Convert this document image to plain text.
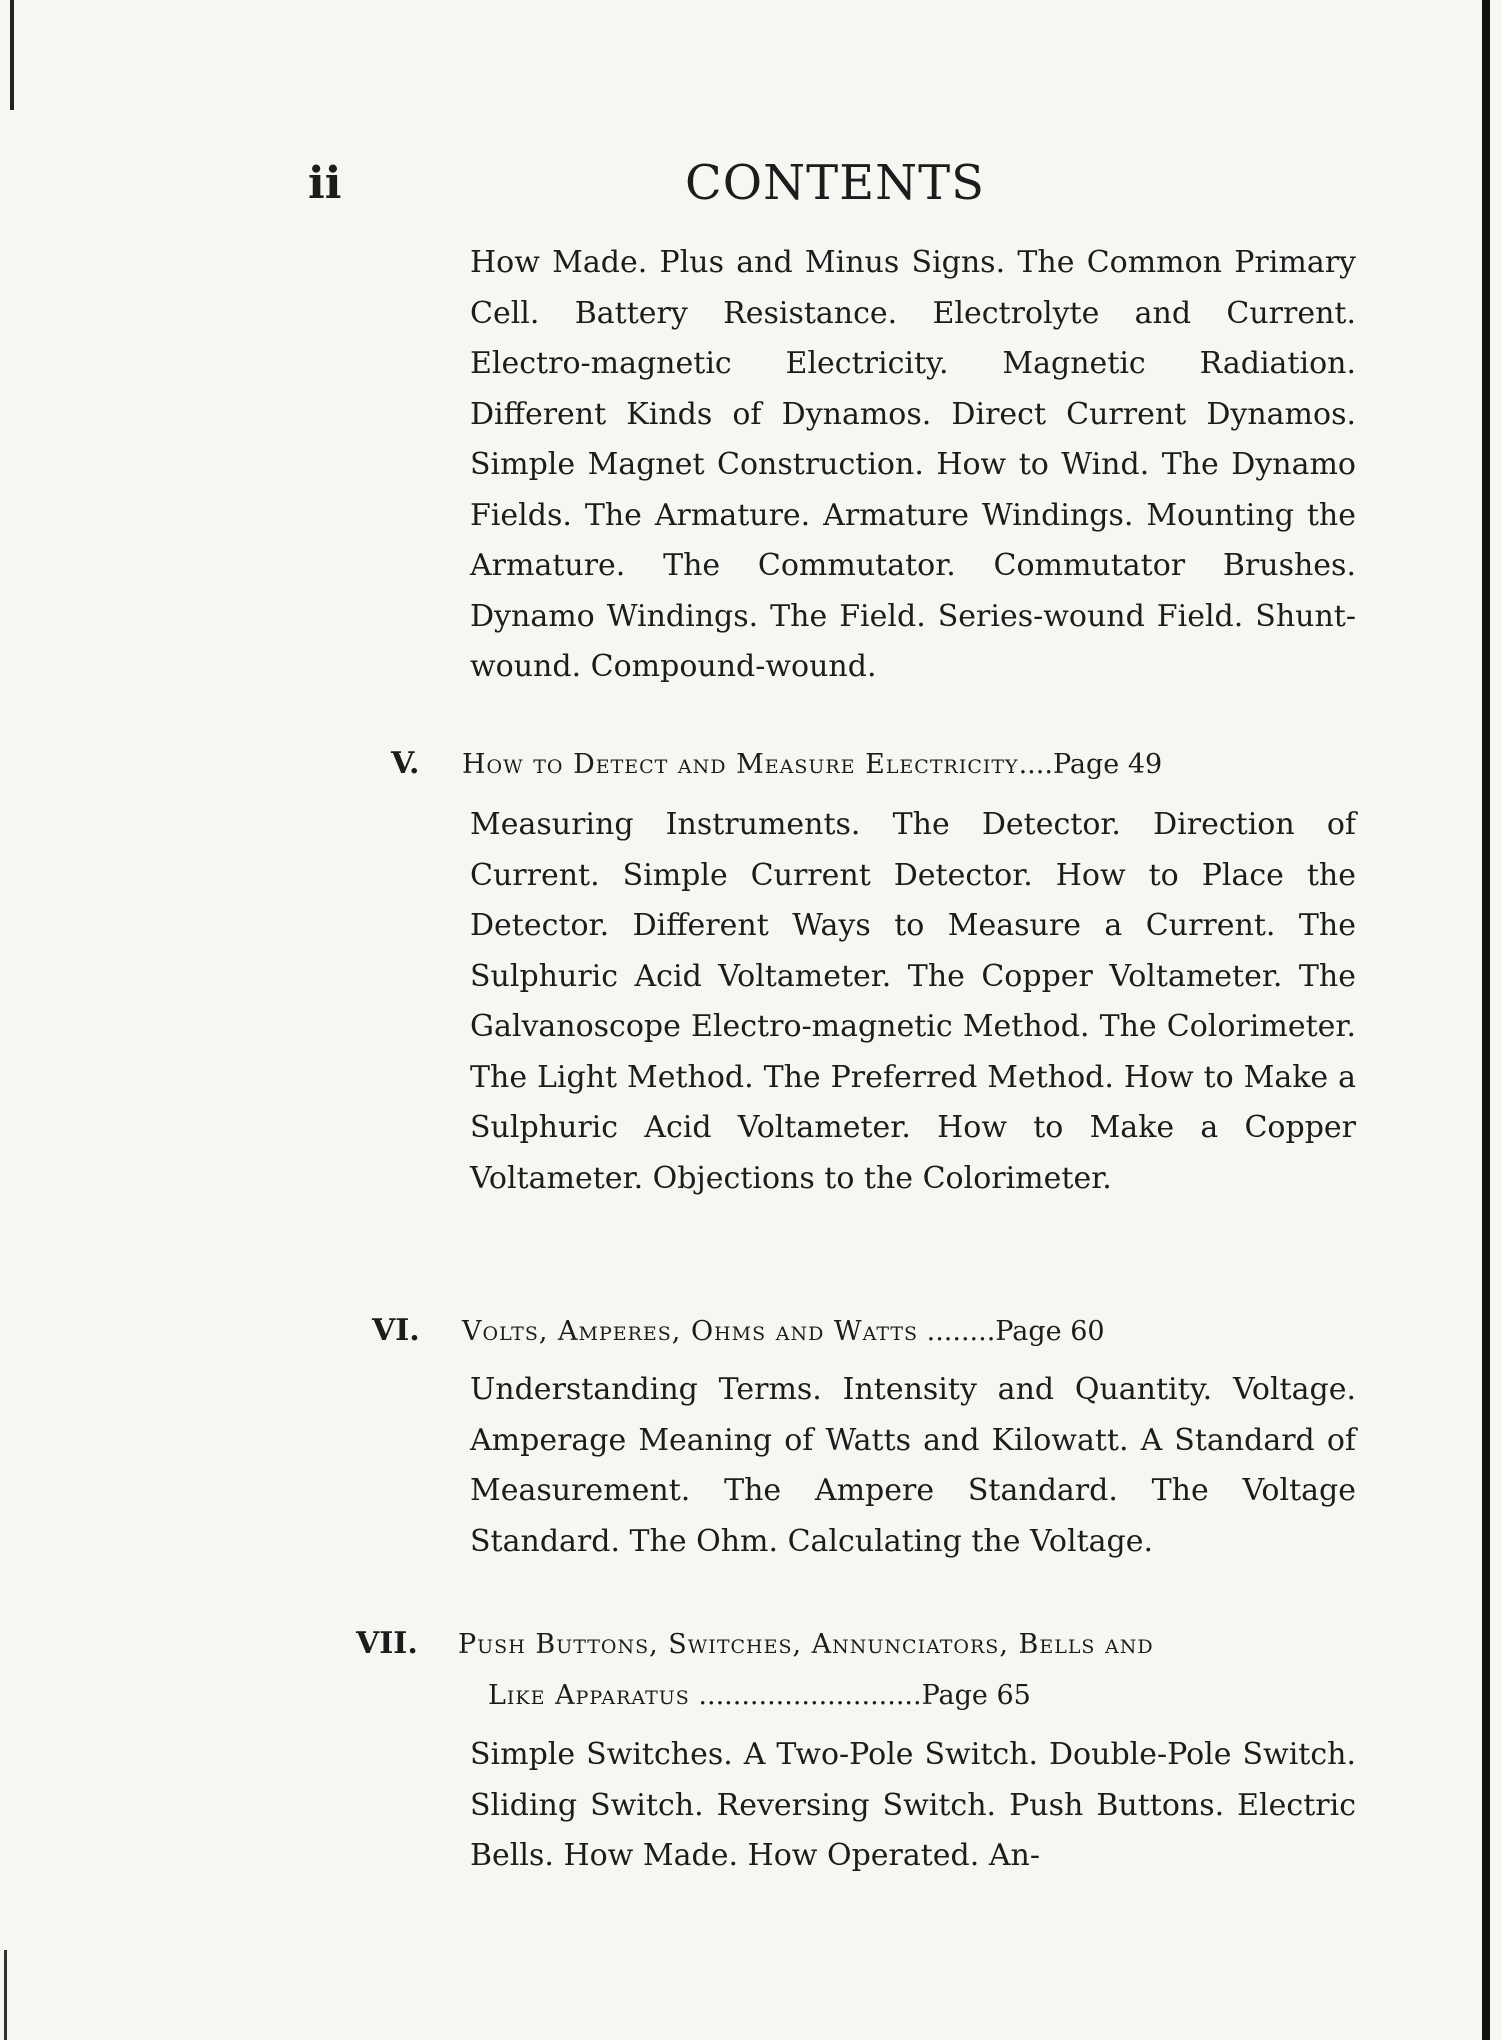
ii	CONTENTS

How Made. Plus and Minus Signs. The Common Primary Cell. Battery Resistance. Electrolyte and Current. Electro-magnetic Electricity. Magnetic Radiation. Different Kinds of Dynamos. Direct Current Dynamos. Simple Magnet Construction. How to Wind. The Dynamo Fields. The Armature. Armature Windings. Mounting the Armature. The Commutator. Commutator Brushes. Dynamo Windings. The Field. Series-wound Field. Shunt-wound. Compound-wound.

V. How to Detect and Measure Electricity....Page 49

Measuring Instruments. The Detector. Direction of Current. Simple Current Detector. How to Place the Detector. Different Ways to Measure a Current. The Sulphuric Acid Voltameter. The Copper Voltameter. The Galvanoscope Electro-magnetic Method. The Colorimeter. The Light Method. The Preferred Method. How to Make a Sulphuric Acid Voltameter. How to Make a Copper Voltameter. Objections to the Colorimeter.

VI. Volts, Amperes, Ohms and Watts ........Page 60

Understanding Terms. Intensity and Quantity. Voltage. Amperage Meaning of Watts and Kilowatt. A Standard of Measurement. The Ampere Standard. The Voltage Standard. The Ohm. Calculating the Voltage.

VII. Push Buttons, Switches, Annunciators, Bells and
Like Apparatus ..........................Page 65

Simple Switches. A Two-Pole Switch. Double-Pole Switch. Sliding Switch. Reversing Switch. Push Buttons. Electric Bells. How Made. How Operated. An-
